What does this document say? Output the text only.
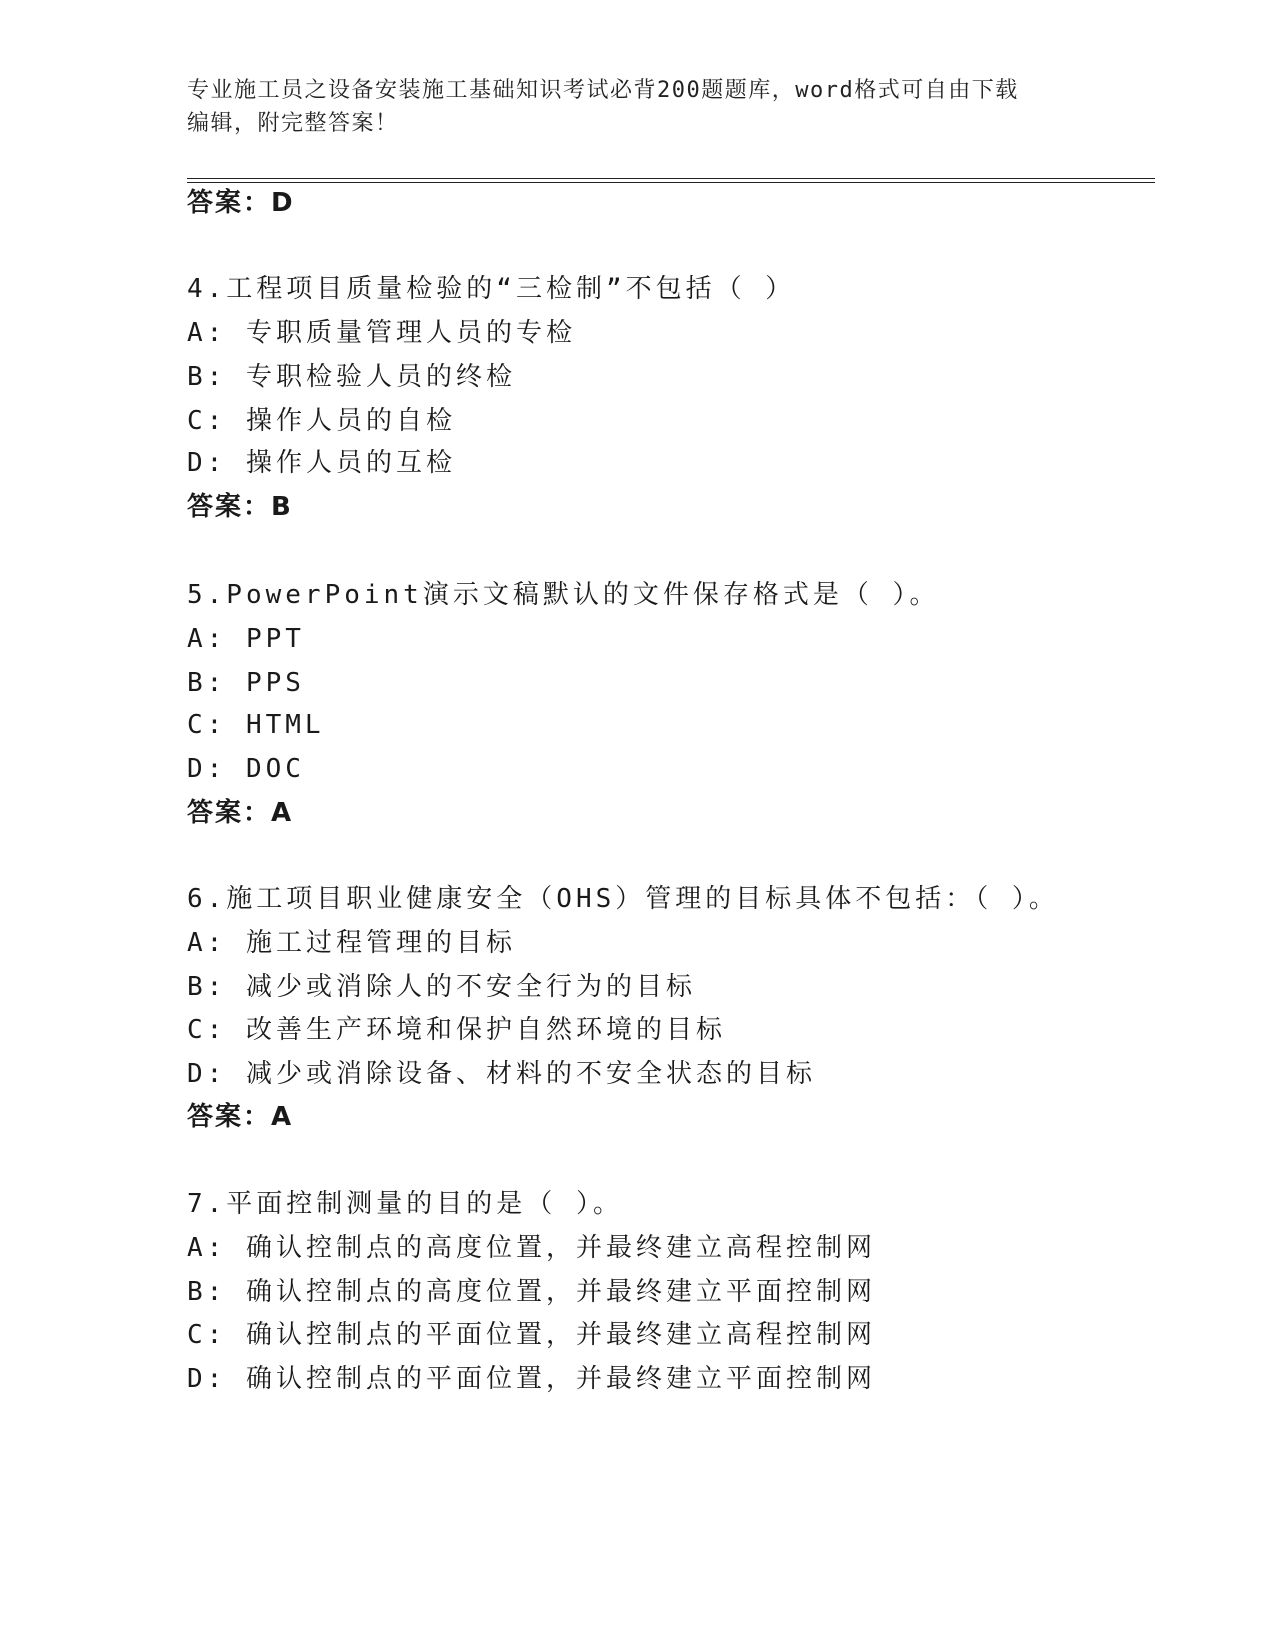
专业施工员之设备安装施工基础知识考试必背200题题库，word格式可自由下载
编辑，附完整答案！
答案：D
4.工程项目质量检验的“三检制”不包括（ ）
A: 专职质量管理人员的专检
B: 专职检验人员的终检
C: 操作人员的自检
D: 操作人员的互检
答案：B
5.PowerPoint演示文稿默认的文件保存格式是（ ）。
A: PPT
B: PPS
C: HTML
D: DOC
答案：A
6.施工项目职业健康安全（OHS）管理的目标具体不包括：（ ）。
A: 施工过程管理的目标
B: 减少或消除人的不安全行为的目标
C: 改善生产环境和保护自然环境的目标
D: 减少或消除设备、材料的不安全状态的目标
答案：A
7.平面控制测量的目的是（ ）。
A: 确认控制点的高度位置，并最终建立高程控制网
B: 确认控制点的高度位置，并最终建立平面控制网
C: 确认控制点的平面位置，并最终建立高程控制网
D: 确认控制点的平面位置，并最终建立平面控制网
